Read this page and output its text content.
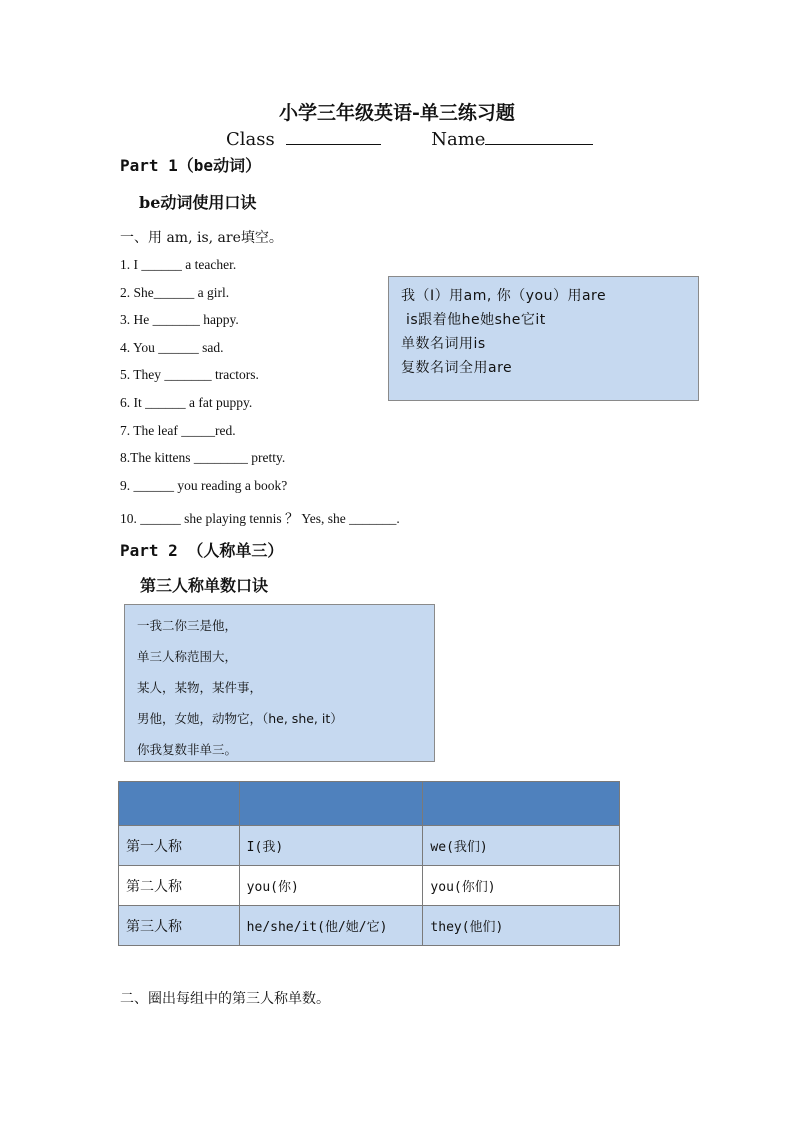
小学三年级英语-单三练习题
Class	Name
Part 1（be动词）
be动词使用口诀
一、用 am, is, are填空。
1. I ______ a teacher.
2. She______ a girl.
3. He _______ happy.
4. You ______ sad.
5. They _______ tractors.
6. It ______ a fat puppy.
7. The leaf _____red.
8.The kittens ________ pretty.
9. ______ you reading a book?
10. ______ she playing tennis ？ Yes, she _______.
我（I）用am, 你（you）用are
is跟着他he她she它it
单数名词用is
复数名词全用are
Part 2 （人称单三）
第三人称单数口诀
一我二你三是他，
单三人称范围大，
某人，某物，某件事，
男他，女她，动物它，（he, she, it）
你我复数非单三。

第一人称	I(我)	we(我们)
第二人称	you(你)	you(你们)
第三人称	he/she/it(他/她/它)	they(他们)
二、圈出每组中的第三人称单数。
